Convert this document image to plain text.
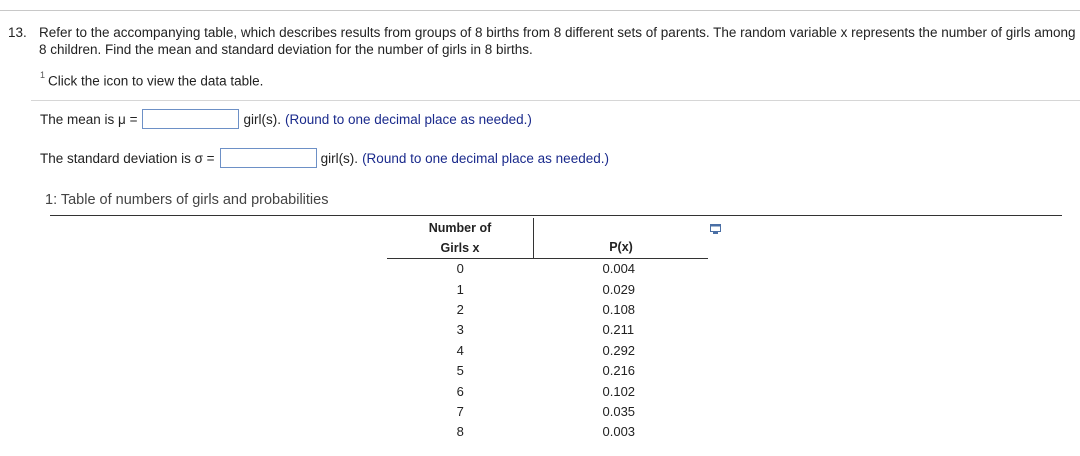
13. Refer to the accompanying table, which describes results from groups of 8 births from 8 different sets of parents. The random variable x represents the number of girls among 8 children. Find the mean and standard deviation for the number of girls in 8 births.
$^1$ Click the icon to view the data table.
The mean is μ =	girl(s). (Round to one decimal place as needed.)
The standard deviation is σ =	girl(s). (Round to one decimal place as needed.)
1: Table of numbers of girls and probabilities
Number of
Girls x	P(x)
0	0.004
1	0.029
2	0.108
3	0.211
4	0.292
5	0.216
6	0.102
7	0.035
8	0.003
